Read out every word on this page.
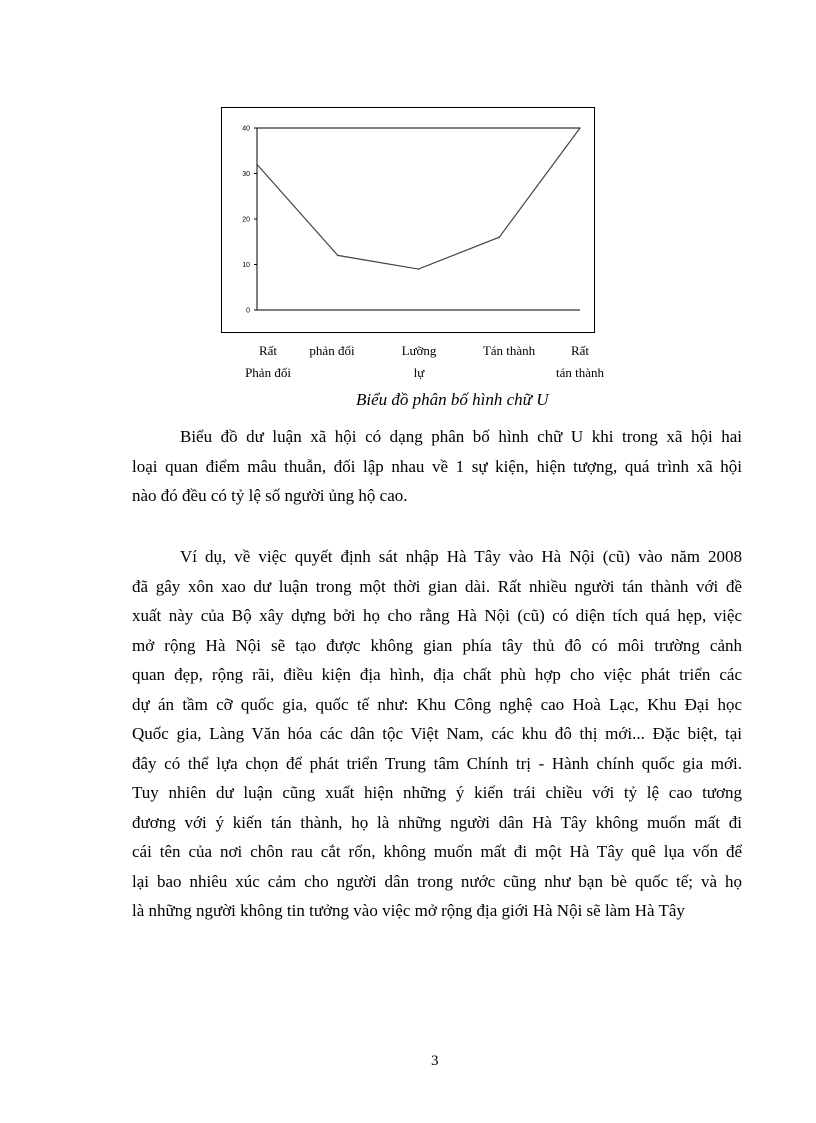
0
10
20
30
40
Rất
Phản đối
phản đối	Lưỡng
lự
Tán thành	Rất
tán thành
Biểu đồ phân bố hình chữ U
Biểu đồ dư luận xã hội có dạng phân bố hình chữ U khi trong xã hội hai
loại quan điểm mâu thuẫn, đối lập nhau về 1 sự kiện, hiện tượng, quá trình xã hội
nào đó đều có tỷ lệ số người ủng hộ cao.
Ví dụ, về việc quyết định sát nhập Hà Tây vào Hà Nội (cũ) vào năm 2008
đã gây xôn xao dư luận trong một thời gian dài. Rất nhiều người tán thành với đề
xuất này của Bộ xây dựng bởi họ cho rằng Hà Nội (cũ) có diện tích quá hẹp, việc
mở rộng Hà Nội sẽ tạo được không gian phía tây thủ đô có môi trường cảnh
quan đẹp, rộng rãi, điều kiện địa hình, địa chất phù hợp cho việc phát triển các
dự án tầm cỡ quốc gia, quốc tế như: Khu Công nghệ cao Hoà Lạc, Khu Đại học
Quốc gia, Làng Văn hóa các dân tộc Việt Nam, các khu đô thị mới... Đặc biệt, tại
đây có thể lựa chọn để phát triển Trung tâm Chính trị - Hành chính quốc gia mới.
Tuy nhiên dư luận cũng xuất hiện những ý kiến trái chiều với tỷ lệ cao tương
đương với ý kiến tán thành, họ là những người dân Hà Tây không muốn mất đi
cái tên của nơi chôn rau cắt rốn, không muốn mất đi một Hà Tây quê lụa vốn để
lại bao nhiêu xúc cảm cho người dân trong nước cũng như bạn bè quốc tế; và họ
là những người không tin tưởng vào việc mở rộng địa giới Hà Nội sẽ làm Hà Tây
3
